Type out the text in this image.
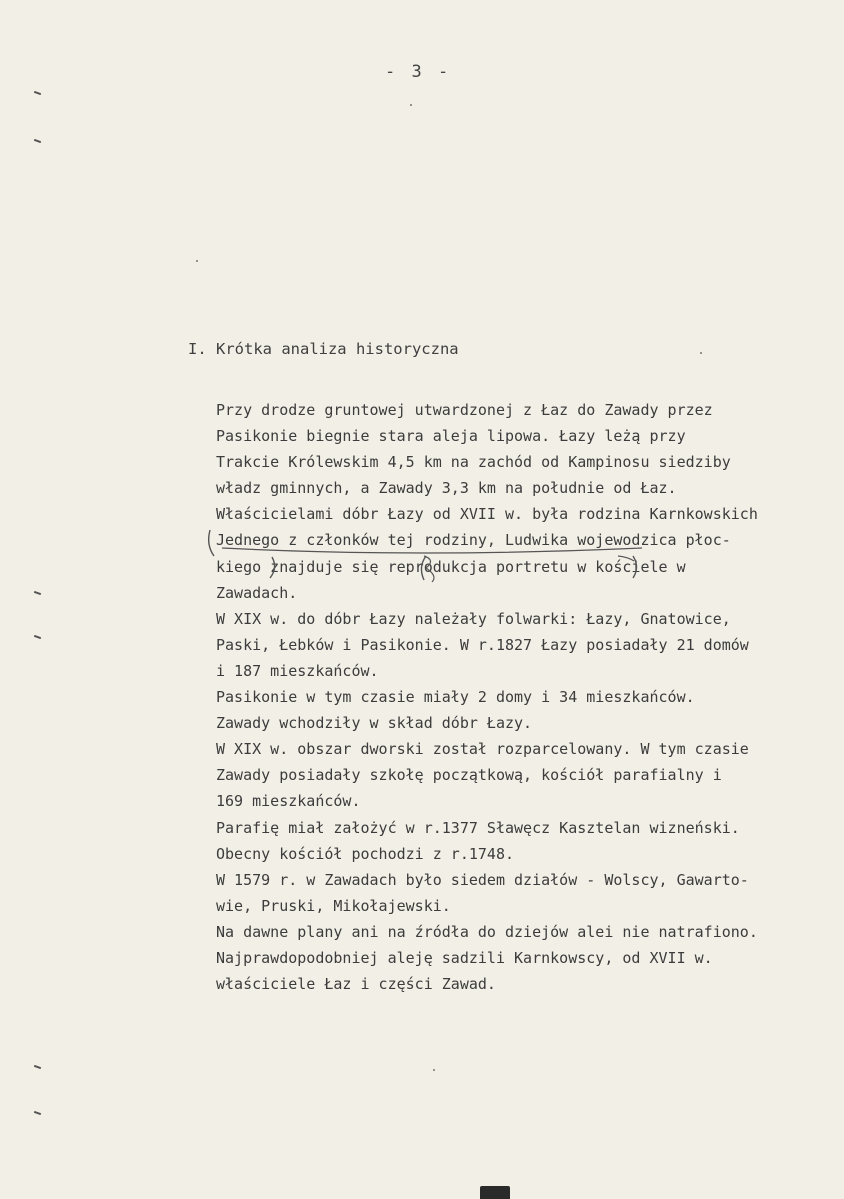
- 3 -
I. Krótka analiza historyczna
Przy drodze gruntowej utwardzonej z Łaz do Zawady przez
Pasikonie biegnie stara aleja lipowa. Łazy leżą przy
Trakcie Królewskim 4,5 km na zachód od Kampinosu siedziby
władz gminnych, a Zawady 3,3 km na południe od Łaz.
Właścicielami dóbr Łazy od XVII w. była rodzina Karnkowskich
Jednego z członków tej rodziny, Ludwika wojewodzica płoc-
kiego znajduje się reprodukcja portretu w kościele w
Zawadach.
W XIX w. do dóbr Łazy należały folwarki: Łazy, Gnatowice,
Paski, Łebków i Pasikonie. W r.1827 Łazy posiadały 21 domów
i 187 mieszkańców.
Pasikonie w tym czasie miały 2 domy i 34 mieszkańców.
Zawady wchodziły w skład dóbr Łazy.
W XIX w. obszar dworski został rozparcelowany. W tym czasie
Zawady posiadały szkołę początkową, kościół parafialny i
169 mieszkańców.
Parafię miał założyć w r.1377 Sławęcz Kasztelan wizneński.
Obecny kościół pochodzi z r.1748.
W 1579 r. w Zawadach było siedem działów - Wolscy, Gawarto-
wie, Pruski, Mikołajewski.
Na dawne plany ani na źródła do dziejów alei nie natrafiono.
Najprawdopodobniej aleję sadzili Karnkowscy, od XVII w.
właściciele Łaz i części Zawad.
